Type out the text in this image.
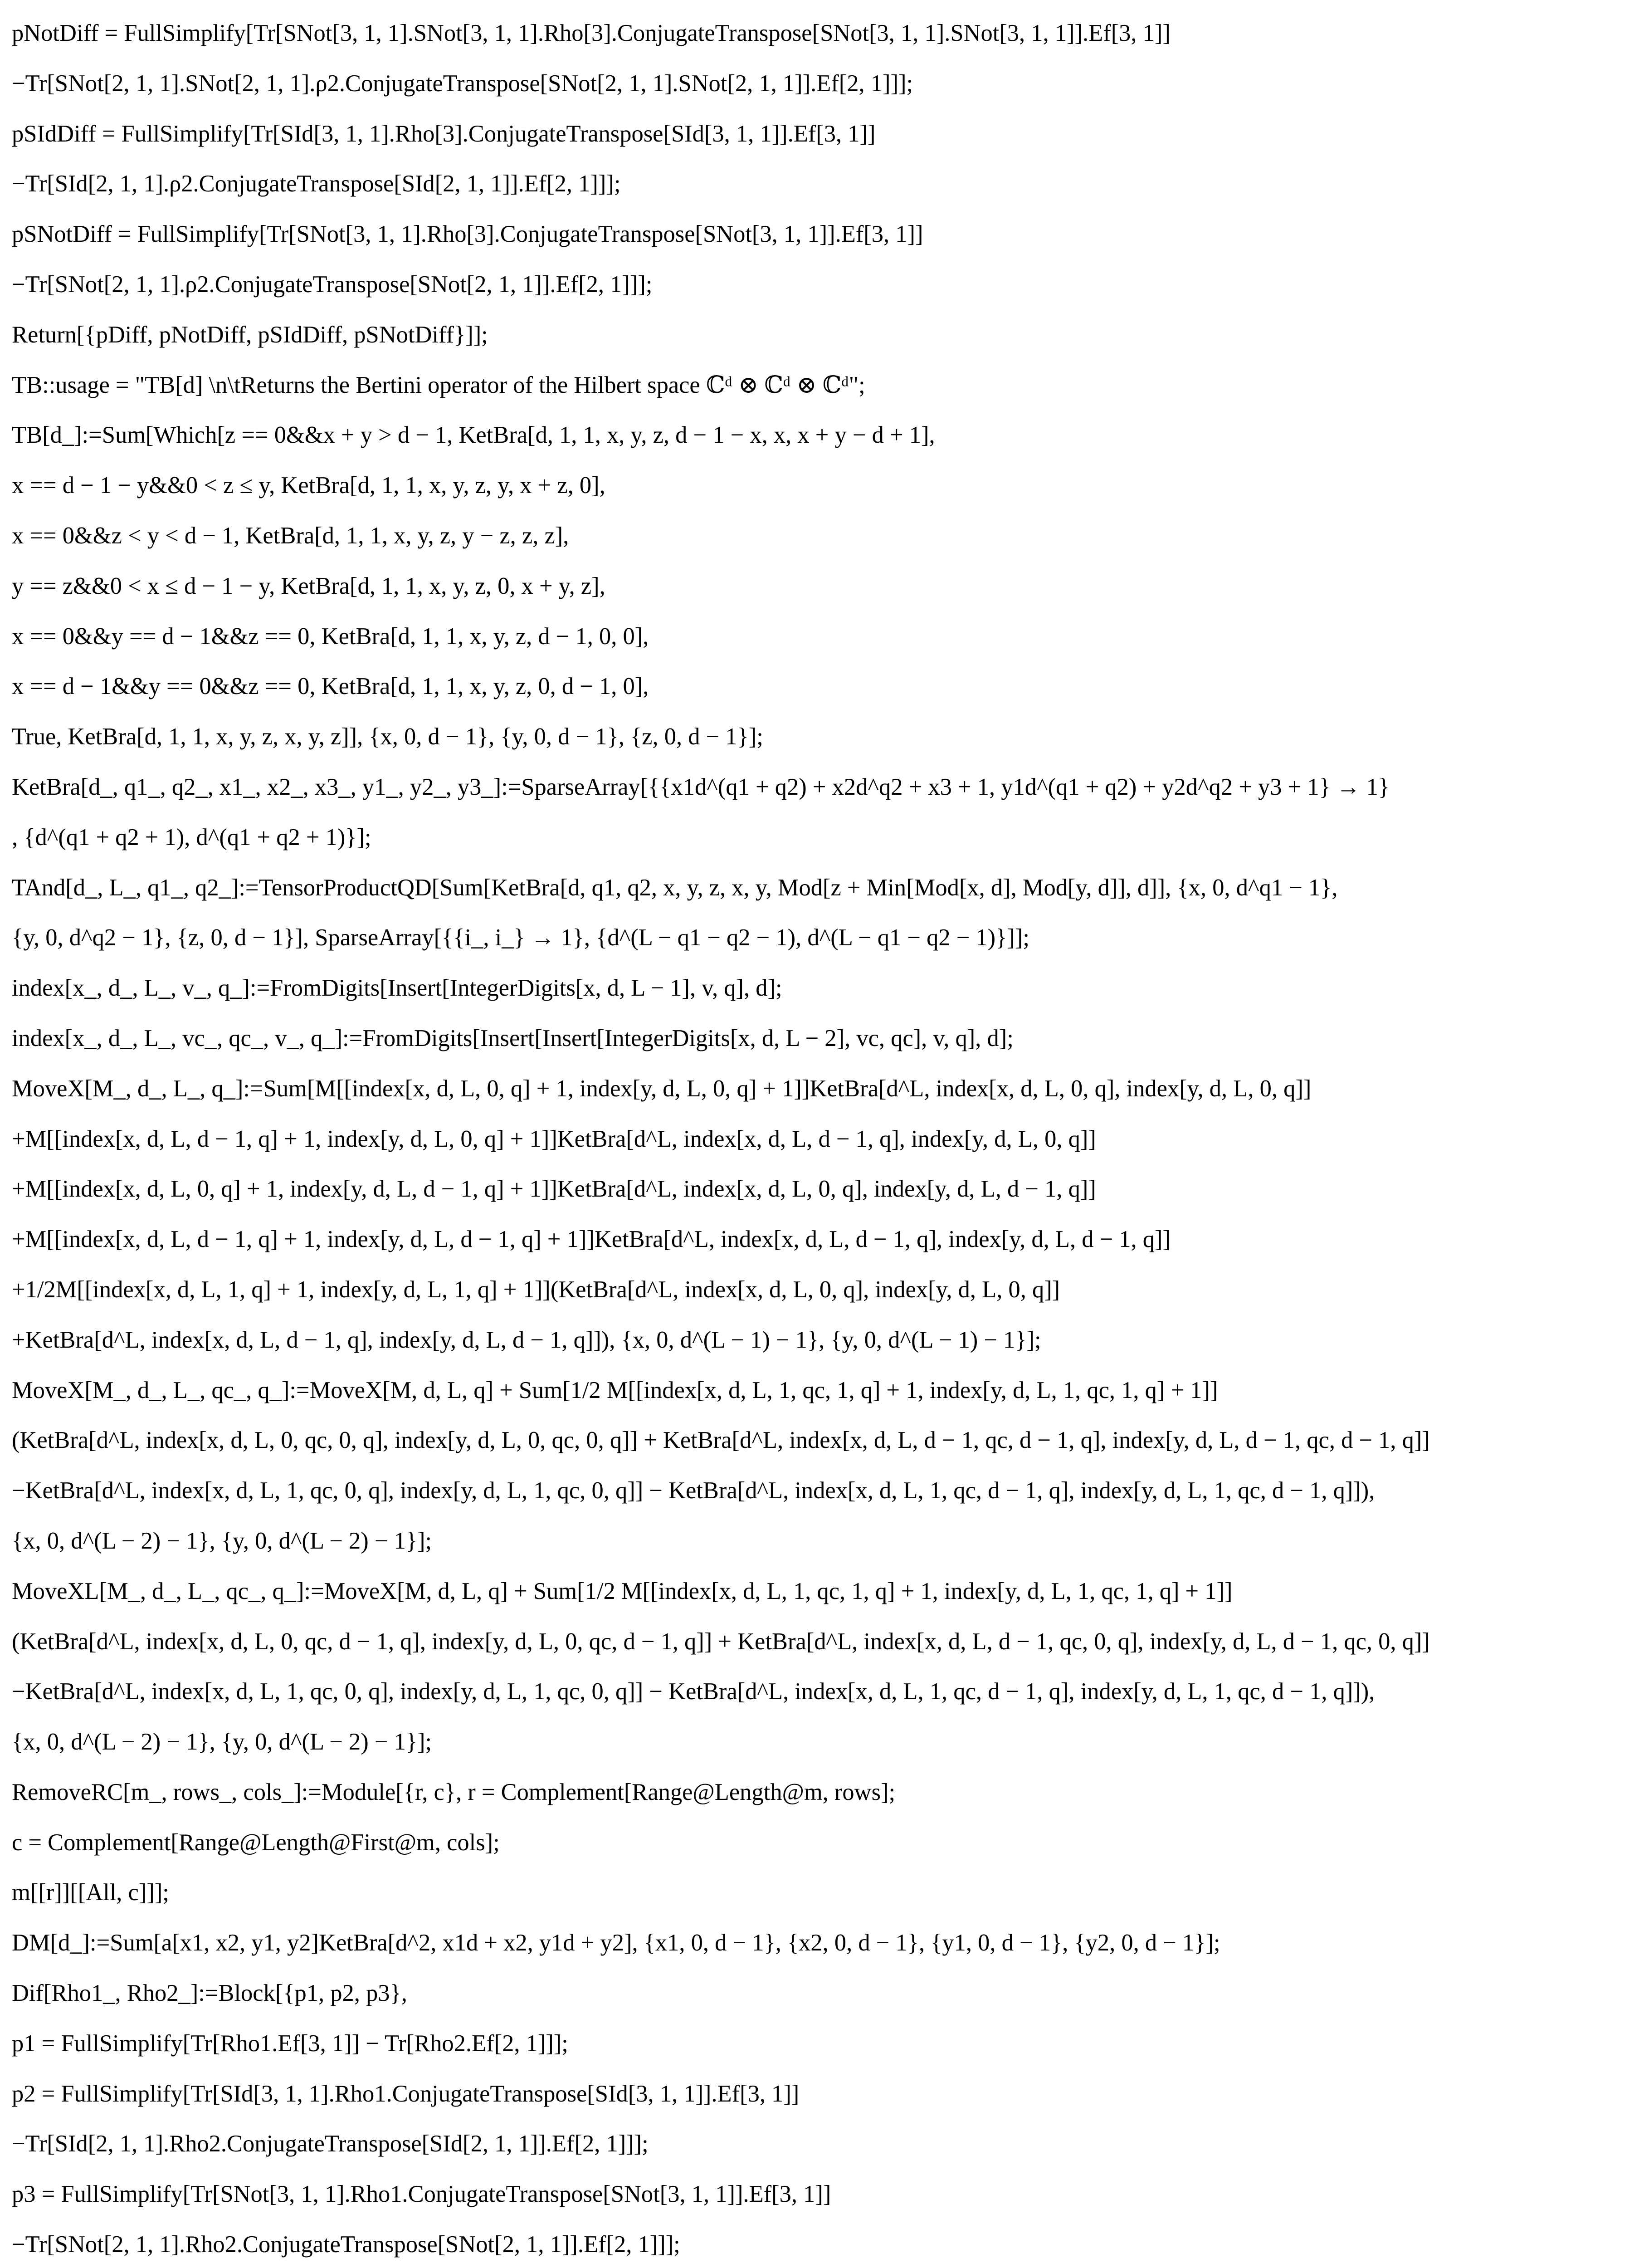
pNotDiff = FullSimplify[Tr[SNot[3, 1, 1].SNot[3, 1, 1].Rho[3].ConjugateTranspose[SNot[3, 1, 1].SNot[3, 1, 1]].Ef[3, 1]]
−Tr[SNot[2, 1, 1].SNot[2, 1, 1].ρ2.ConjugateTranspose[SNot[2, 1, 1].SNot[2, 1, 1]].Ef[2, 1]]];
pSIdDiff = FullSimplify[Tr[SId[3, 1, 1].Rho[3].ConjugateTranspose[SId[3, 1, 1]].Ef[3, 1]]
−Tr[SId[2, 1, 1].ρ2.ConjugateTranspose[SId[2, 1, 1]].Ef[2, 1]]];
pSNotDiff = FullSimplify[Tr[SNot[3, 1, 1].Rho[3].ConjugateTranspose[SNot[3, 1, 1]].Ef[3, 1]]
−Tr[SNot[2, 1, 1].ρ2.ConjugateTranspose[SNot[2, 1, 1]].Ef[2, 1]]];
Return[{pDiff, pNotDiff, pSIdDiff, pSNotDiff}]];
TB::usage = "TB[d] \n\tReturns the Bertini operator of the Hilbert space ℂᵈ ⊗ ℂᵈ ⊗ ℂᵈ";
TB[d_]:=Sum[Which[z == 0&&x + y > d − 1, KetBra[d, 1, 1, x, y, z, d − 1 − x, x, x + y − d + 1],
x == d − 1 − y&&0 < z ≤ y, KetBra[d, 1, 1, x, y, z, y, x + z, 0],
x == 0&&z < y < d − 1, KetBra[d, 1, 1, x, y, z, y − z, z, z],
y == z&&0 < x ≤ d − 1 − y, KetBra[d, 1, 1, x, y, z, 0, x + y, z],
x == 0&&y == d − 1&&z == 0, KetBra[d, 1, 1, x, y, z, d − 1, 0, 0],
x == d − 1&&y == 0&&z == 0, KetBra[d, 1, 1, x, y, z, 0, d − 1, 0],
True, KetBra[d, 1, 1, x, y, z, x, y, z]], {x, 0, d − 1}, {y, 0, d − 1}, {z, 0, d − 1}];
KetBra[d_, q1_, q2_, x1_, x2_, x3_, y1_, y2_, y3_]:=SparseArray[{{x1d^(q1 + q2) + x2d^q2 + x3 + 1, y1d^(q1 + q2) + y2d^q2 + y3 + 1} → 1}
, {d^(q1 + q2 + 1), d^(q1 + q2 + 1)}];
TAnd[d_, L_, q1_, q2_]:=TensorProductQD[Sum[KetBra[d, q1, q2, x, y, z, x, y, Mod[z + Min[Mod[x, d], Mod[y, d]], d]], {x, 0, d^q1 − 1},
{y, 0, d^q2 − 1}, {z, 0, d − 1}], SparseArray[{{i_, i_} → 1}, {d^(L − q1 − q2 − 1), d^(L − q1 − q2 − 1)}]];
index[x_, d_, L_, v_, q_]:=FromDigits[Insert[IntegerDigits[x, d, L − 1], v, q], d];
index[x_, d_, L_, vc_, qc_, v_, q_]:=FromDigits[Insert[Insert[IntegerDigits[x, d, L − 2], vc, qc], v, q], d];
MoveX[M_, d_, L_, q_]:=Sum[M[[index[x, d, L, 0, q] + 1, index[y, d, L, 0, q] + 1]]KetBra[d^L, index[x, d, L, 0, q], index[y, d, L, 0, q]]
+M[[index[x, d, L, d − 1, q] + 1, index[y, d, L, 0, q] + 1]]KetBra[d^L, index[x, d, L, d − 1, q], index[y, d, L, 0, q]]
+M[[index[x, d, L, 0, q] + 1, index[y, d, L, d − 1, q] + 1]]KetBra[d^L, index[x, d, L, 0, q], index[y, d, L, d − 1, q]]
+M[[index[x, d, L, d − 1, q] + 1, index[y, d, L, d − 1, q] + 1]]KetBra[d^L, index[x, d, L, d − 1, q], index[y, d, L, d − 1, q]]
+1/2M[[index[x, d, L, 1, q] + 1, index[y, d, L, 1, q] + 1]](KetBra[d^L, index[x, d, L, 0, q], index[y, d, L, 0, q]]
+KetBra[d^L, index[x, d, L, d − 1, q], index[y, d, L, d − 1, q]]), {x, 0, d^(L − 1) − 1}, {y, 0, d^(L − 1) − 1}];
MoveX[M_, d_, L_, qc_, q_]:=MoveX[M, d, L, q] + Sum[1/2 M[[index[x, d, L, 1, qc, 1, q] + 1, index[y, d, L, 1, qc, 1, q] + 1]]
(KetBra[d^L, index[x, d, L, 0, qc, 0, q], index[y, d, L, 0, qc, 0, q]] + KetBra[d^L, index[x, d, L, d − 1, qc, d − 1, q], index[y, d, L, d − 1, qc, d − 1, q]]
−KetBra[d^L, index[x, d, L, 1, qc, 0, q], index[y, d, L, 1, qc, 0, q]] − KetBra[d^L, index[x, d, L, 1, qc, d − 1, q], index[y, d, L, 1, qc, d − 1, q]]),
{x, 0, d^(L − 2) − 1}, {y, 0, d^(L − 2) − 1}];
MoveXL[M_, d_, L_, qc_, q_]:=MoveX[M, d, L, q] + Sum[1/2 M[[index[x, d, L, 1, qc, 1, q] + 1, index[y, d, L, 1, qc, 1, q] + 1]]
(KetBra[d^L, index[x, d, L, 0, qc, d − 1, q], index[y, d, L, 0, qc, d − 1, q]] + KetBra[d^L, index[x, d, L, d − 1, qc, 0, q], index[y, d, L, d − 1, qc, 0, q]]
−KetBra[d^L, index[x, d, L, 1, qc, 0, q], index[y, d, L, 1, qc, 0, q]] − KetBra[d^L, index[x, d, L, 1, qc, d − 1, q], index[y, d, L, 1, qc, d − 1, q]]),
{x, 0, d^(L − 2) − 1}, {y, 0, d^(L − 2) − 1}];
RemoveRC[m_, rows_, cols_]:=Module[{r, c}, r = Complement[Range@Length@m, rows];
c = Complement[Range@Length@First@m, cols];
m[[r]][[All, c]]];
DM[d_]:=Sum[a[x1, x2, y1, y2]KetBra[d^2, x1d + x2, y1d + y2], {x1, 0, d − 1}, {x2, 0, d − 1}, {y1, 0, d − 1}, {y2, 0, d − 1}];
Dif[Rho1_, Rho2_]:=Block[{p1, p2, p3},
p1 = FullSimplify[Tr[Rho1.Ef[3, 1]] − Tr[Rho2.Ef[2, 1]]];
p2 = FullSimplify[Tr[SId[3, 1, 1].Rho1.ConjugateTranspose[SId[3, 1, 1]].Ef[3, 1]]
−Tr[SId[2, 1, 1].Rho2.ConjugateTranspose[SId[2, 1, 1]].Ef[2, 1]]];
p3 = FullSimplify[Tr[SNot[3, 1, 1].Rho1.ConjugateTranspose[SNot[3, 1, 1]].Ef[3, 1]]
−Tr[SNot[2, 1, 1].Rho2.ConjugateTranspose[SNot[2, 1, 1]].Ef[2, 1]]];
